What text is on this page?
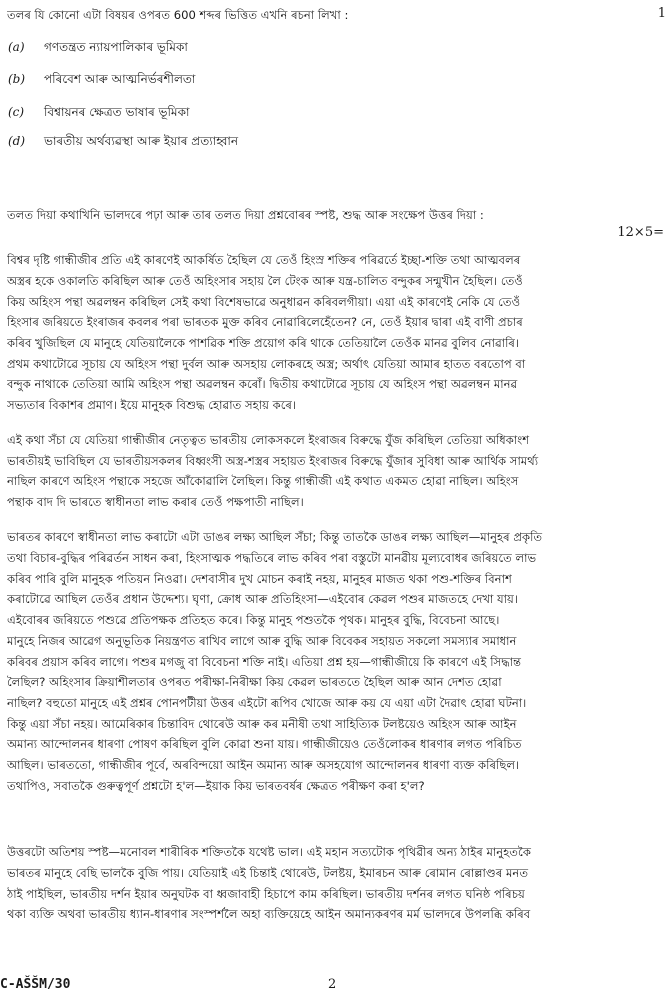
1
তলৰ যি কোনো এটা বিষয়ৰ ওপৰত 600 শব্দৰ ভিত্তিত এখনি ৰচনা লিখা :
(a) গণতন্ত্ৰত ন্যায়পালিকাৰ ভূমিকা
(b) পৰিবেশ আৰু আত্মনিৰ্ভৰশীলতা
(c) বিশ্বায়নৰ ক্ষেত্ৰত ভাষাৰ ভূমিকা
(d) ভাৰতীয় অৰ্থব্যৱস্থা আৰু ইয়াৰ প্ৰত্যাহ্বান
তলত দিয়া কথাখিনি ভালদৰে পঢ়া আৰু তাৰ তলত দিয়া প্ৰশ্নবোৰৰ স্পষ্ট, শুদ্ধ আৰু সংক্ষেপ উত্তৰ দিয়া :
12×5=
বিশ্বৰ দৃষ্টি গান্ধীজীৰ প্ৰতি এই কাৰণেই আকৰ্ষিত হৈছিল যে তেওঁ হিংস্ৰ শক্তিৰ পৰিৱৰ্তে ইচ্ছা-শক্তি তথা আত্মবলৰ
অস্ত্ৰৰ হকে ওকালতি কৰিছিল আৰু তেওঁ অহিংসাৰ সহায় লৈ টেংক আৰু যন্ত্ৰ-চালিত বন্দুকৰ সন্মুখীন হৈছিল। তেওঁ
কিয় অহিংস পন্থা অৱলম্বন কৰিছিল সেই কথা বিশেষভাৱে অনুধাৱন কৰিবলগীয়া। এয়া এই কাৰণেই নেকি যে তেওঁ
হিংসাৰ জৰিয়তে ইংৰাজৰ কবলৰ পৰা ভাৰতক মুক্ত কৰিব নোৱাৰিলেহেঁতেন? নে, তেওঁ ইয়াৰ দ্বাৰা এই বাণী প্ৰচাৰ
কৰিব খুজিছিল যে মানুহে যেতিয়ালৈকে পাশৱিক শক্তি প্ৰয়োগ কৰি থাকে তেতিয়ালৈ তেওঁক মানৱ বুলিব নোৱাৰি।
প্ৰথম কথাটোৱে সূচায় যে অহিংস পন্থা দুৰ্বল আৰু অসহায় লোকৰহে অস্ত্ৰ; অৰ্থাৎ যেতিয়া আমাৰ হাতত বৰতোপ বা
বন্দুক নাথাকে তেতিয়া আমি অহিংস পন্থা অৱলম্বন কৰোঁ। দ্বিতীয় কথাটোৱে সূচায় যে অহিংস পন্থা অৱলম্বন মানৱ
সভ্যতাৰ বিকাশৰ প্ৰমাণ। ইয়ে মানুহক বিশুদ্ধ হোৱাত সহায় কৰে।
এই কথা সঁচা যে যেতিয়া গান্ধীজীৰ নেতৃত্বত ভাৰতীয় লোকসকলে ইংৰাজৰ বিৰুদ্ধে যুঁজ কৰিছিল তেতিয়া অধিকাংশ
ভাৰতীয়ই ভাবিছিল যে ভাৰতীয়সকলৰ বিধ্বংসী অস্ত্ৰ-শস্ত্ৰৰ সহায়ত ইংৰাজৰ বিৰুদ্ধে যুঁজাৰ সুবিধা আৰু আৰ্থিক সামৰ্থ্য
নাছিল কাৰণে অহিংস পন্থাকে সহজে আঁকোৱালি লৈছিল। কিন্তু গান্ধীজী এই কথাত একমত হোৱা নাছিল। অহিংস
পন্থাক বাদ দি ভাৰতে স্বাধীনতা লাভ কৰাৰ তেওঁ পক্ষপাতী নাছিল।
ভাৰতৰ কাৰণে স্বাধীনতা লাভ কৰাটো এটা ডাঙৰ লক্ষ্য আছিল সঁচা; কিন্তু তাতকৈ ডাঙৰ লক্ষ্য আছিল—মানুহৰ প্ৰকৃতি
তথা বিচাৰ-বুদ্ধিৰ পৰিৱৰ্তন সাধন কৰা, হিংসাত্মক পদ্ধতিৰে লাভ কৰিব পৰা বস্তুটো মানৱীয় মূল্যবোধৰ জৰিয়তে লাভ
কৰিব পাৰি বুলি মানুহক পতিয়ন নিওৱা। দেশবাসীৰ দুখ মোচন কৰাই নহয়, মানুহৰ মাজত থকা পশু-শক্তিৰ বিনাশ
কৰাটোৱে আছিল তেওঁৰ প্ৰধান উদ্দেশ্য। ঘৃণা, ক্ৰোধ আৰু প্ৰতিহিংসা—এইবোৰ কেৱল পশুৰ মাজতহে দেখা যায়।
এইবোৰৰ জৰিয়তে পশুৱে প্ৰতিপক্ষক প্ৰতিহত কৰে। কিন্তু মানুহ পশুতকৈ পৃথক। মানুহৰ বুদ্ধি, বিবেচনা আছে।
মানুহে নিজৰ আৱেগ অনুভূতিক নিয়ন্ত্ৰণত ৰাখিব লাগে আৰু বুদ্ধি আৰু বিবেকৰ সহায়ত সকলো সমস্যাৰ সমাধান
কৰিবৰ প্ৰয়াস কৰিব লাগে। পশুৰ মগজু বা বিবেচনা শক্তি নাই। এতিয়া প্ৰশ্ন হয়—গান্ধীজীয়ে কি কাৰণে এই সিদ্ধান্ত
লৈছিল? অহিংসাৰ ক্ৰিয়াশীলতাৰ ওপৰত পৰীক্ষা-নিৰীক্ষা কিয় কেৱল ভাৰততে হৈছিল আৰু আন দেশত হোৱা
নাছিল? বহুতো মানুহে এই প্ৰশ্নৰ পোনপটীয়া উত্তৰ এইটো ৰূপিব খোজে আৰু কয় যে এয়া এটা দৈৱাৎ হোৱা ঘটনা।
কিন্তু এয়া সঁচা নহয়। আমেৰিকাৰ চিন্তাবিদ থোৰেউ আৰু কৰ মনীষী তথা সাহিত্যিক টলষ্টয়েও অহিংস আৰু আইন
অমান্য আন্দোলনৰ ধাৰণা পোষণ কৰিছিল বুলি কোৱা শুনা যায়। গান্ধীজীয়েও তেওঁলোকৰ ধাৰণাৰ লগত পৰিচিত
আছিল। ভাৰততো, গান্ধীজীৰ পূৰ্বে, অৰবিন্দয়ো আইন অমান্য আৰু অসহযোগ আন্দোলনৰ ধাৰণা ব্যক্ত কৰিছিল।
তথাপিও, সবাতকৈ গুৰুত্বপূৰ্ণ প্ৰশ্নটো হ'ল—ইয়াক কিয় ভাৰতবৰ্ষৰ ক্ষেত্ৰত পৰীক্ষণ কৰা হ'ল?
উত্তৰটো অতিশয় স্পষ্ট—মনোবল শাৰীৰিক শক্তিতকৈ যথেষ্ট ভাল। এই মহান সত্যটোক পৃথিৱীৰ অন্য ঠাইৰ মানুহতকৈ
ভাৰতৰ মানুহে বেছি ভালকৈ বুজি পায়। যেতিয়াই এই চিন্তাই থোৰেউ, টলষ্টয়, ইমাৰচন আৰু ৰোমান ৰোল্লাণ্ডৰ মনত
ঠাই পাইছিল, ভাৰতীয় দৰ্শন ইয়াৰ অনুঘটক বা ধ্বজাবাহী হিচাপে কাম কৰিছিল। ভাৰতীয় দৰ্শনৰ লগত ঘনিষ্ঠ পৰিচয়
থকা ব্যক্তি অথবা ভাৰতীয় ধ্যান-ধাৰণাৰ সংস্পৰ্শলৈ অহা ব্যক্তিয়েহে আইন অমান্যকৰণৰ মৰ্ম ভালদৰে উপলব্ধি কৰিব
C-AŠŠM/30	2
